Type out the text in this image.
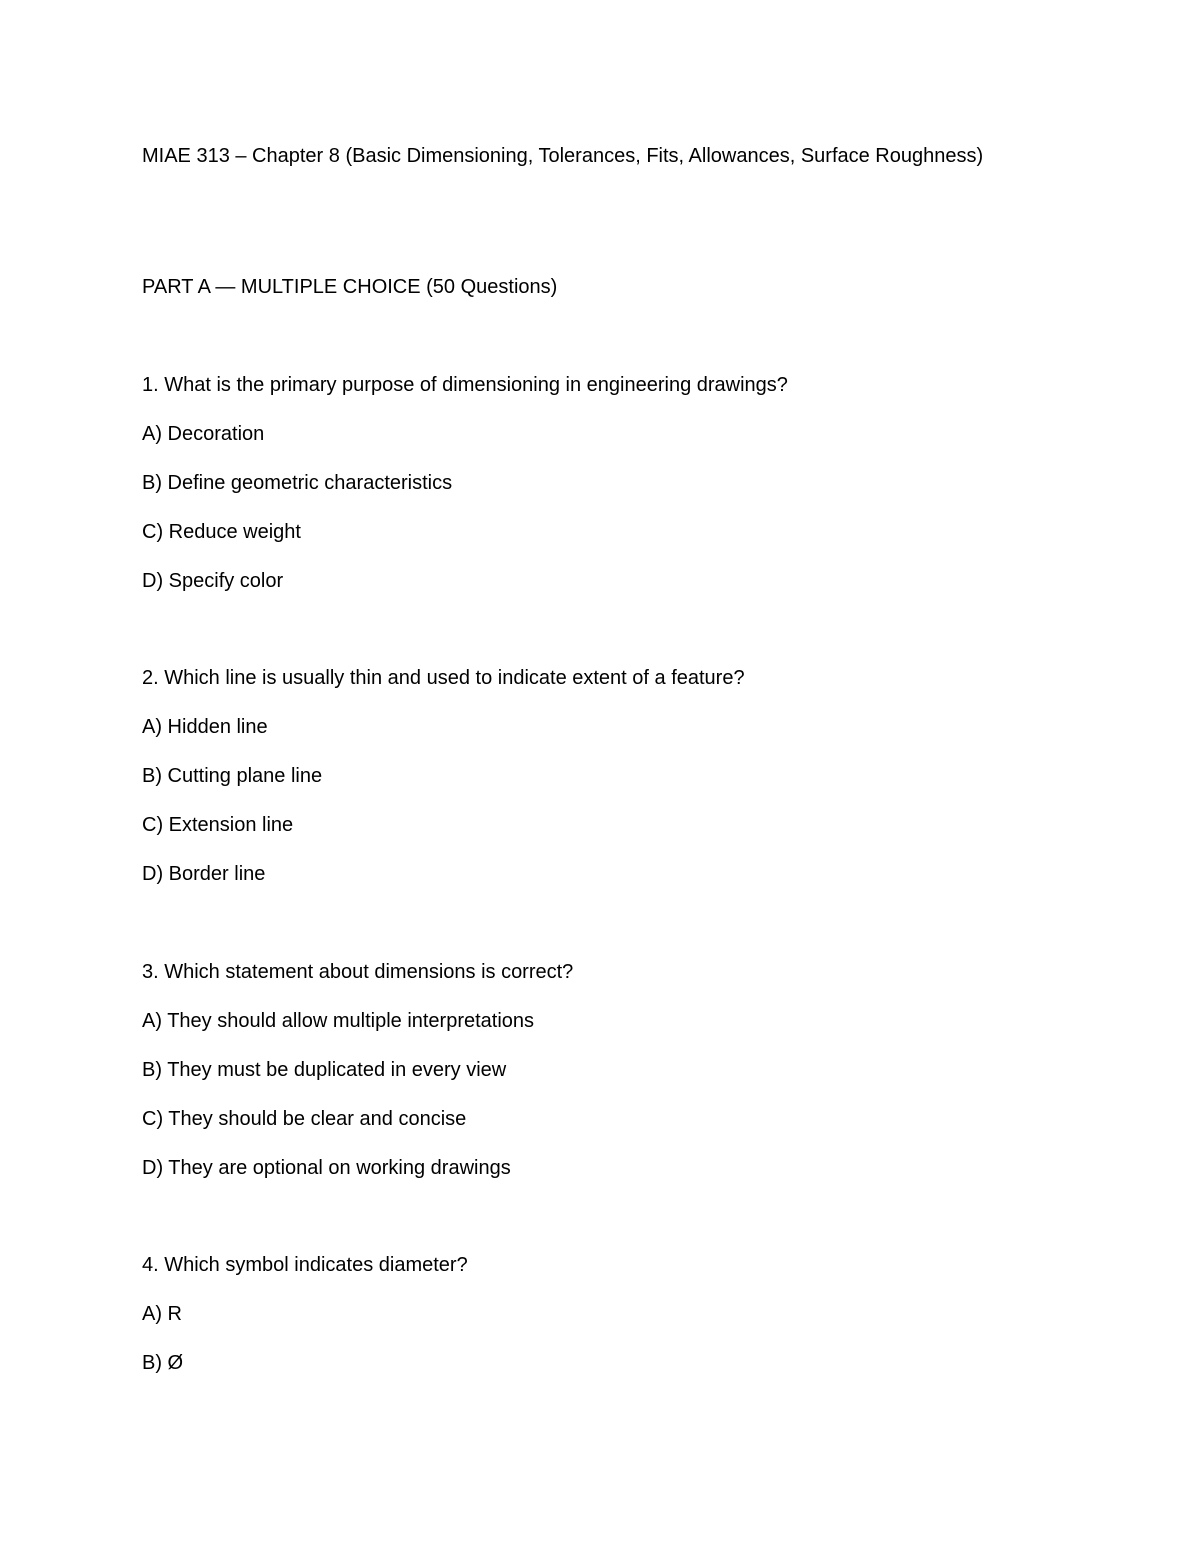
MIAE 313 – Chapter 8 (Basic Dimensioning, Tolerances, Fits, Allowances, Surface Roughness)
PART A — MULTIPLE CHOICE (50 Questions)
1. What is the primary purpose of dimensioning in engineering drawings?
A) Decoration
B) Define geometric characteristics
C) Reduce weight
D) Specify color
2. Which line is usually thin and used to indicate extent of a feature?
A) Hidden line
B) Cutting plane line
C) Extension line
D) Border line
3. Which statement about dimensions is correct?
A) They should allow multiple interpretations
B) They must be duplicated in every view
C) They should be clear and concise
D) They are optional on working drawings
4. Which symbol indicates diameter?
A) R
B) Ø
